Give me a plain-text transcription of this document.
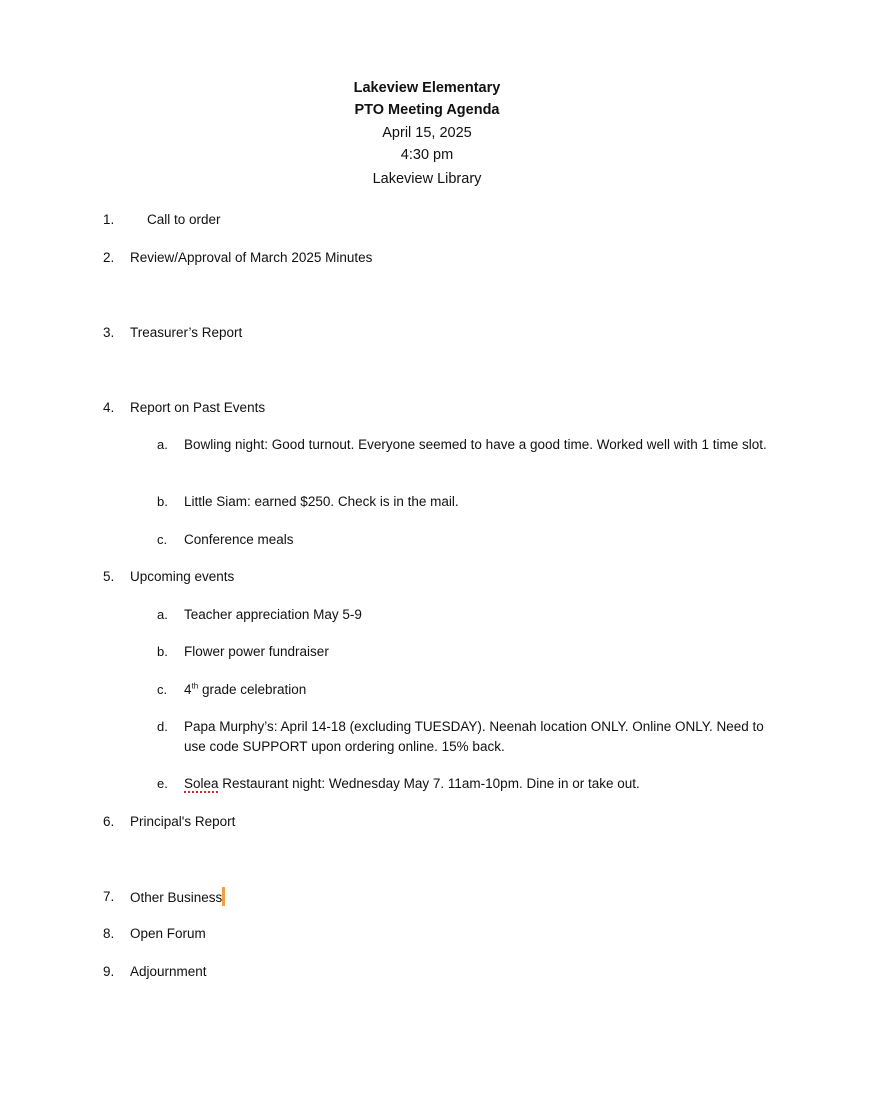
Lakeview Elementary
PTO Meeting Agenda
April 15, 2025
4:30 pm
Lakeview Library
1. Call to order
2. Review/Approval of March 2025 Minutes
3. Treasurer’s Report
4. Report on Past Events
a. Bowling night: Good turnout. Everyone seemed to have a good time. Worked well with 1 time slot.
b. Little Siam: earned $250. Check is in the mail.
c. Conference meals
5. Upcoming events
a. Teacher appreciation May 5-9
b. Flower power fundraiser
c. 4th grade celebration
d. Papa Murphy’s: April 14-18 (excluding TUESDAY). Neenah location ONLY. Online ONLY. Need to use code SUPPORT upon ordering online. 15% back.
e. Solea Restaurant night: Wednesday May 7. 11am-10pm. Dine in or take out.
6. Principal's Report
7. Other Business
8. Open Forum
9. Adjournment
